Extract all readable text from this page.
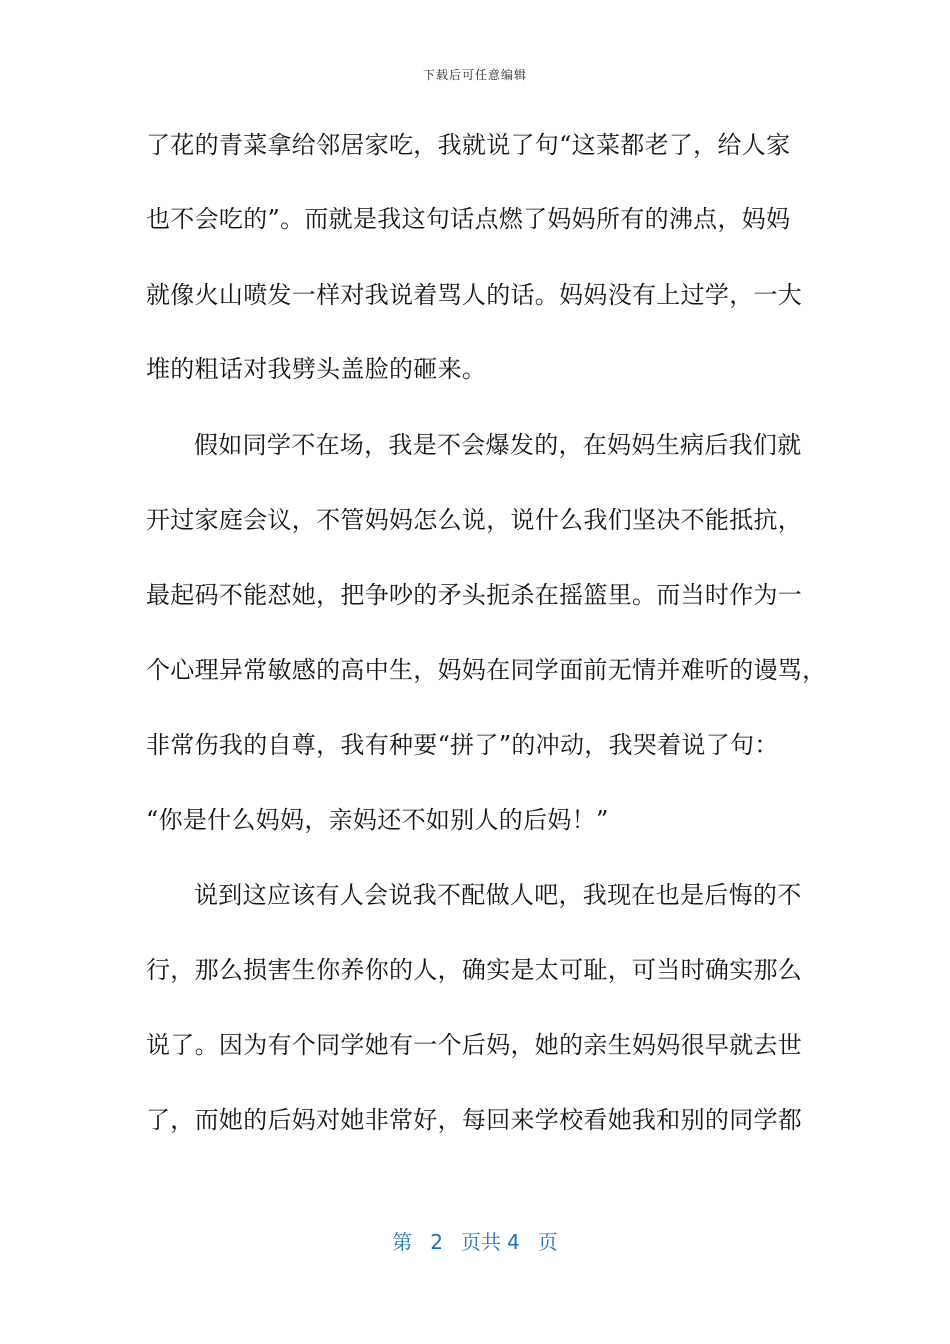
下载后可任意编辑
了花的青菜拿给邻居家吃，我就说了句“这菜都老了，给人家
也不会吃的”。而就是我这句话点燃了妈妈所有的沸点，妈妈
就像火山喷发一样对我说着骂人的话。妈妈没有上过学，一大
堆的粗话对我劈头盖脸的砸来。
假如同学不在场，我是不会爆发的，在妈妈生病后我们就
开过家庭会议，不管妈妈怎么说，说什么我们坚决不能抵抗，
最起码不能怼她，把争吵的矛头扼杀在摇篮里。而当时作为一
个心理异常敏感的高中生，妈妈在同学面前无情并难听的谩骂，
非常伤我的自尊，我有种要“拼了”的冲动，我哭着说了句：
“你是什么妈妈，亲妈还不如别人的后妈！”
说到这应该有人会说我不配做人吧，我现在也是后悔的不
行，那么损害生你养你的人，确实是太可耻，可当时确实那么
说了。因为有个同学她有一个后妈，她的亲生妈妈很早就去世
了，而她的后妈对她非常好，每回来学校看她我和别的同学都
第 2 页共 4 页
